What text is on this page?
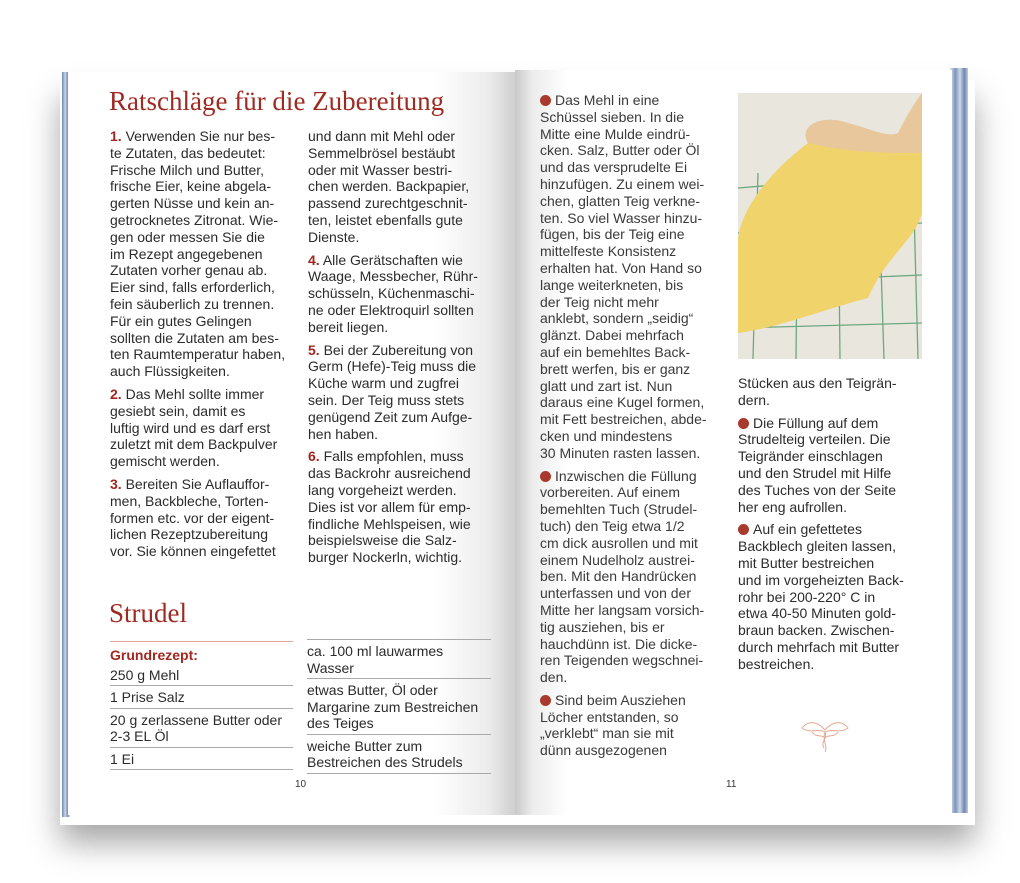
Ratschläge für die Zubereitung
1. Verwenden Sie nur bes-
te Zutaten, das bedeutet:
Frische Milch und Butter,
frische Eier, keine abgela-
gerten Nüsse und kein an-
getrocknetes Zitronat. Wie-
gen oder messen Sie die
im Rezept angegebenen
Zutaten vorher genau ab.
Eier sind, falls erforderlich,
fein säuberlich zu trennen.
Für ein gutes Gelingen
sollten die Zutaten am bes-
ten Raumtemperatur haben,
auch Flüssigkeiten.
2. Das Mehl sollte immer
gesiebt sein, damit es
luftig wird und es darf erst
zuletzt mit dem Backpulver
gemischt werden.
3. Bereiten Sie Auflauffor-
men, Backbleche, Torten-
formen etc. vor der eigent-
lichen Rezeptzubereitung
vor. Sie können eingefettet
und dann mit Mehl oder
Semmelbrösel bestäubt
oder mit Wasser bestri-
chen werden. Backpapier,
passend zurechtgeschnit-
ten, leistet ebenfalls gute
Dienste.
4. Alle Gerätschaften wie
Waage, Messbecher, Rühr-
schüsseln, Küchenmaschi-
ne oder Elektroquirl sollten
bereit liegen.
5. Bei der Zubereitung von
Germ (Hefe)-Teig muss die
Küche warm und zugfrei
sein. Der Teig muss stets
genügend Zeit zum Aufge-
hen haben.
6. Falls empfohlen, muss
das Backrohr ausreichend
lang vorgeheizt werden.
Dies ist vor allem für emp-
findliche Mehlspeisen, wie
beispielsweise die Salz-
burger Nockerln, wichtig.
Strudel
Grundrezept:
250 g Mehl
1 Prise Salz
20 g zerlassene Butter oder
2-3 EL Öl
1 Ei
ca. 100 ml lauwarmes
Wasser
etwas Butter, Öl oder
Margarine zum Bestreichen
des Teiges
weiche Butter zum
Bestreichen des Strudels
10
Das Mehl in eine
Schüssel sieben. In die
Mitte eine Mulde eindrü-
cken. Salz, Butter oder Öl
und das versprudelte Ei
hinzufügen. Zu einem wei-
chen, glatten Teig verkne-
ten. So viel Wasser hinzu-
fügen, bis der Teig eine
mittelfeste Konsistenz
erhalten hat. Von Hand so
lange weiterkneten, bis
der Teig nicht mehr
anklebt, sondern „seidig“
glänzt. Dabei mehrfach
auf ein bemehltes Back-
brett werfen, bis er ganz
glatt und zart ist. Nun
daraus eine Kugel formen,
mit Fett bestreichen, abde-
cken und mindestens
30 Minuten rasten lassen.
Inzwischen die Füllung
vorbereiten. Auf einem
bemehlten Tuch (Strudel-
tuch) den Teig etwa 1/2
cm dick ausrollen und mit
einem Nudelholz austrei-
ben. Mit den Handrücken
unterfassen und von der
Mitte her langsam vorsich-
tig ausziehen, bis er
hauchdünn ist. Die dicke-
ren Teigenden wegschnei-
den.
Sind beim Ausziehen
Löcher entstanden, so
„verklebt“ man sie mit
dünn ausgezogenen
Stücken aus den Teigrän-
dern.
Die Füllung auf dem
Strudelteig verteilen. Die
Teigränder einschlagen
und den Strudel mit Hilfe
des Tuches von der Seite
her eng aufrollen.
Auf ein gefettetes
Backblech gleiten lassen,
mit Butter bestreichen
und im vorgeheizten Back-
rohr bei 200-220° C in
etwa 40-50 Minuten gold-
braun backen. Zwischen-
durch mehrfach mit Butter
bestreichen.
11
